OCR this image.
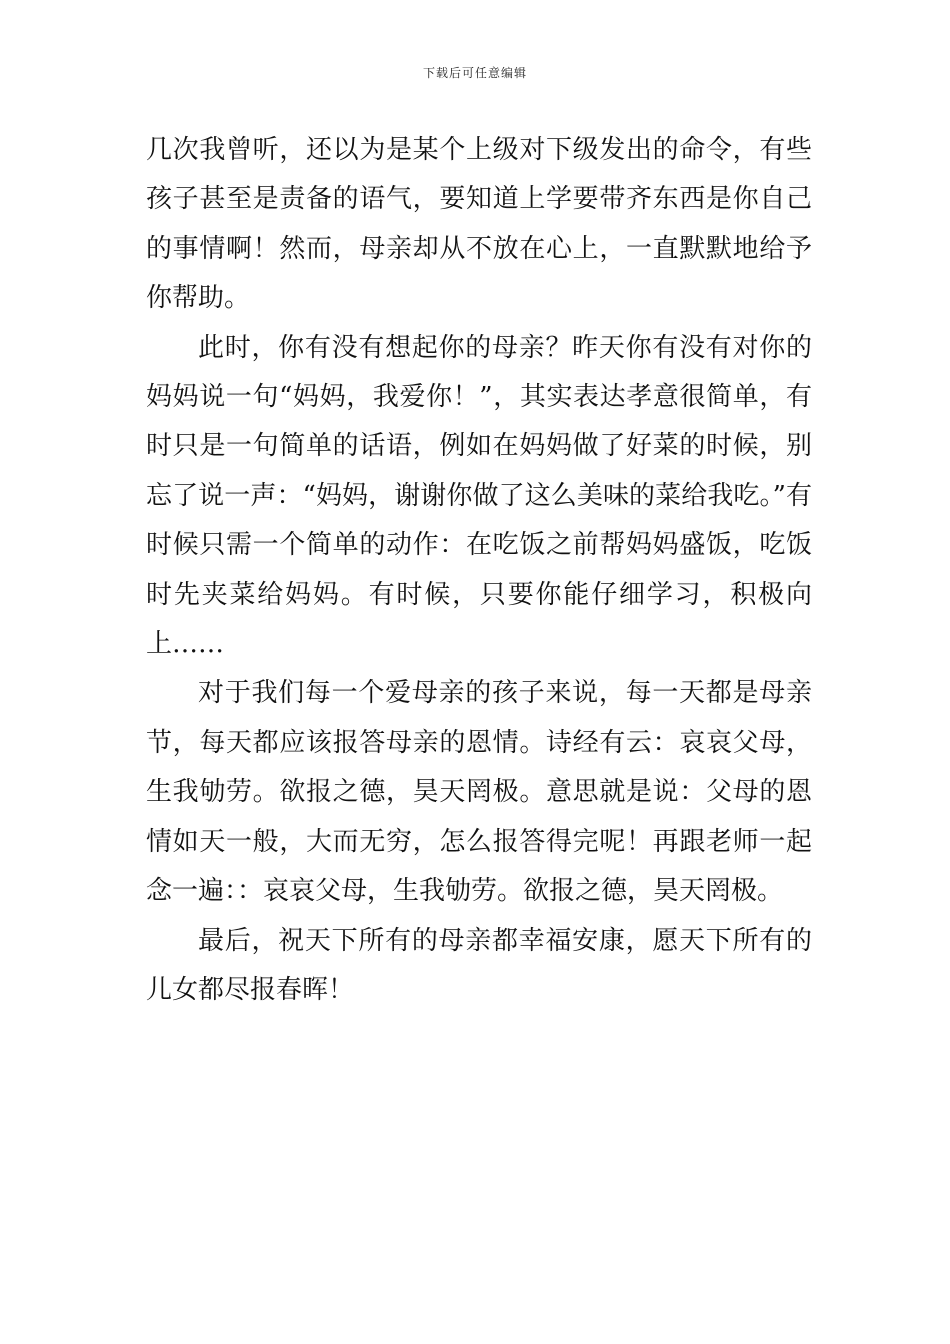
下载后可任意编辑

几次我曾听，还以为是某个上级对下级发出的命令，有些孩子甚至是责备的语气，要知道上学要带齐东西是你自己的事情啊！然而，母亲却从不放在心上，一直默默地给予你帮助。

此时，你有没有想起你的母亲？昨天你有没有对你的妈妈说一句“妈妈，我爱你！”，其实表达孝意很简单，有时只是一句简单的话语，例如在妈妈做了好菜的时候，别忘了说一声：“妈妈，谢谢你做了这么美味的菜给我吃。”有时候只需一个简单的动作：在吃饭之前帮妈妈盛饭，吃饭时先夹菜给妈妈。有时候，只要你能仔细学习，积极向上……

对于我们每一个爱母亲的孩子来说，每一天都是母亲节，每天都应该报答母亲的恩情。诗经有云：哀哀父母，生我劬劳。欲报之德，昊天罔极。意思就是说：父母的恩情如天一般，大而无穷，怎么报答得完呢！再跟老师一起念一遍：：哀哀父母，生我劬劳。欲报之德，昊天罔极。

最后，祝天下所有的母亲都幸福安康，愿天下所有的儿女都尽报春晖！
